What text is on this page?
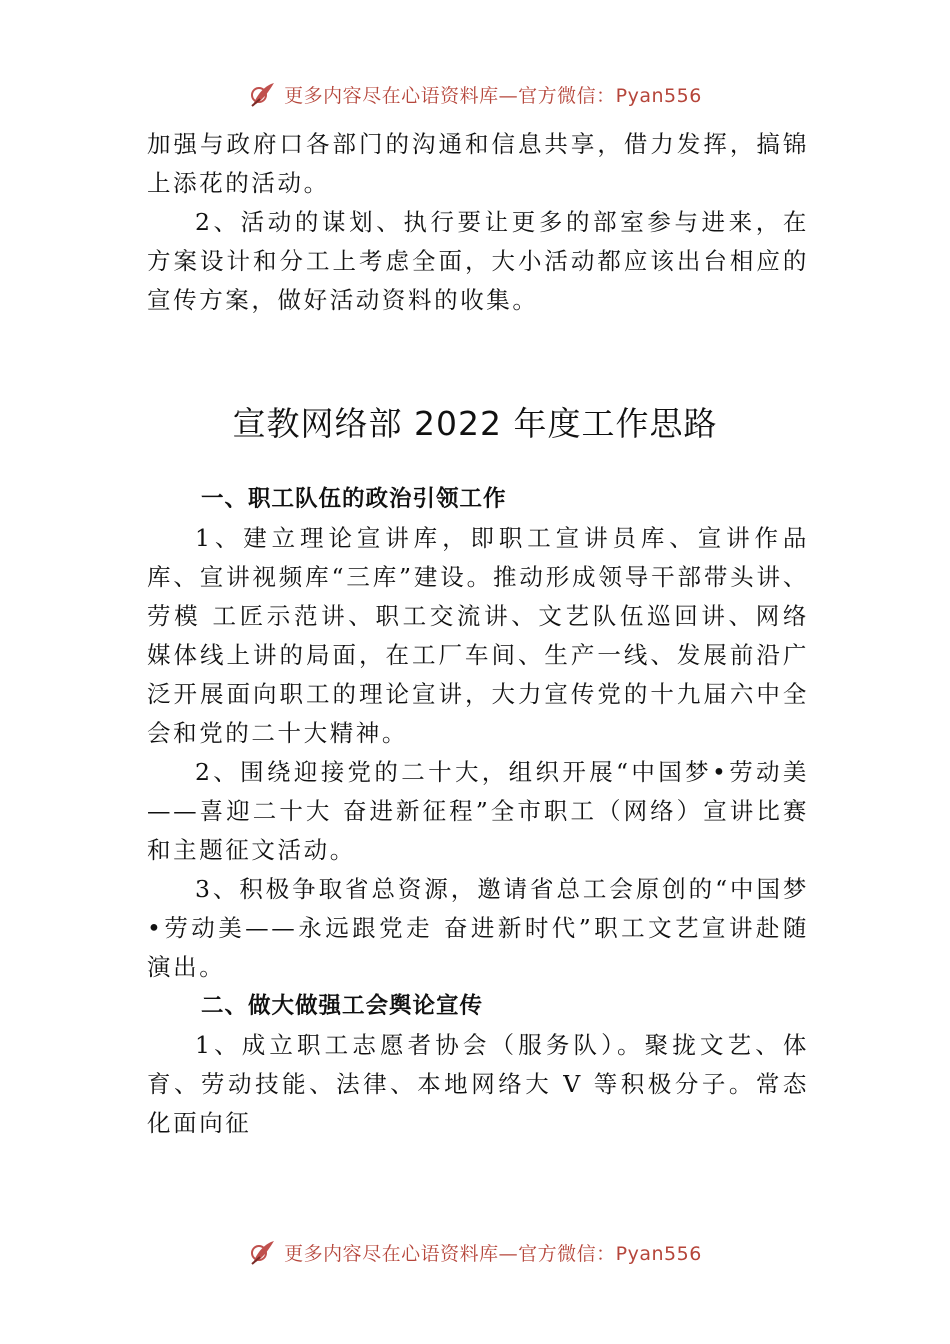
更多内容尽在心语资料库—官方微信：Pyan556

加强与政府口各部门的沟通和信息共享，借力发挥，搞锦上添花的活动。

2、活动的谋划、执行要让更多的部室参与进来，在方案设计和分工上考虑全面，大小活动都应该出台相应的宣传方案，做好活动资料的收集。

宣教网络部 2022 年度工作思路
一、职工队伍的政治引领工作

1、建立理论宣讲库，即职工宣讲员库、宣讲作品库、宣讲视频库“三库”建设。推动形成领导干部带头讲、劳模 工匠示范讲、职工交流讲、文艺队伍巡回讲、网络媒体线上讲的局面，在工厂车间、生产一线、发展前沿广泛开展面向职工的理论宣讲，大力宣传党的十九届六中全会和党的二十大精神。

2、围绕迎接党的二十大，组织开展“中国梦•劳动美——喜迎二十大 奋进新征程”全市职工（网络）宣讲比赛和主题征文活动。

3、积极争取省总资源，邀请省总工会原创的“中国梦•劳动美——永远跟党走 奋进新时代”职工文艺宣讲赴随演出。

二、做大做强工会舆论宣传

1、成立职工志愿者协会（服务队）。聚拢文艺、体育、劳动技能、法律、本地网络大 V 等积极分子。常态化面向征

更多内容尽在心语资料库—官方微信：Pyan556
